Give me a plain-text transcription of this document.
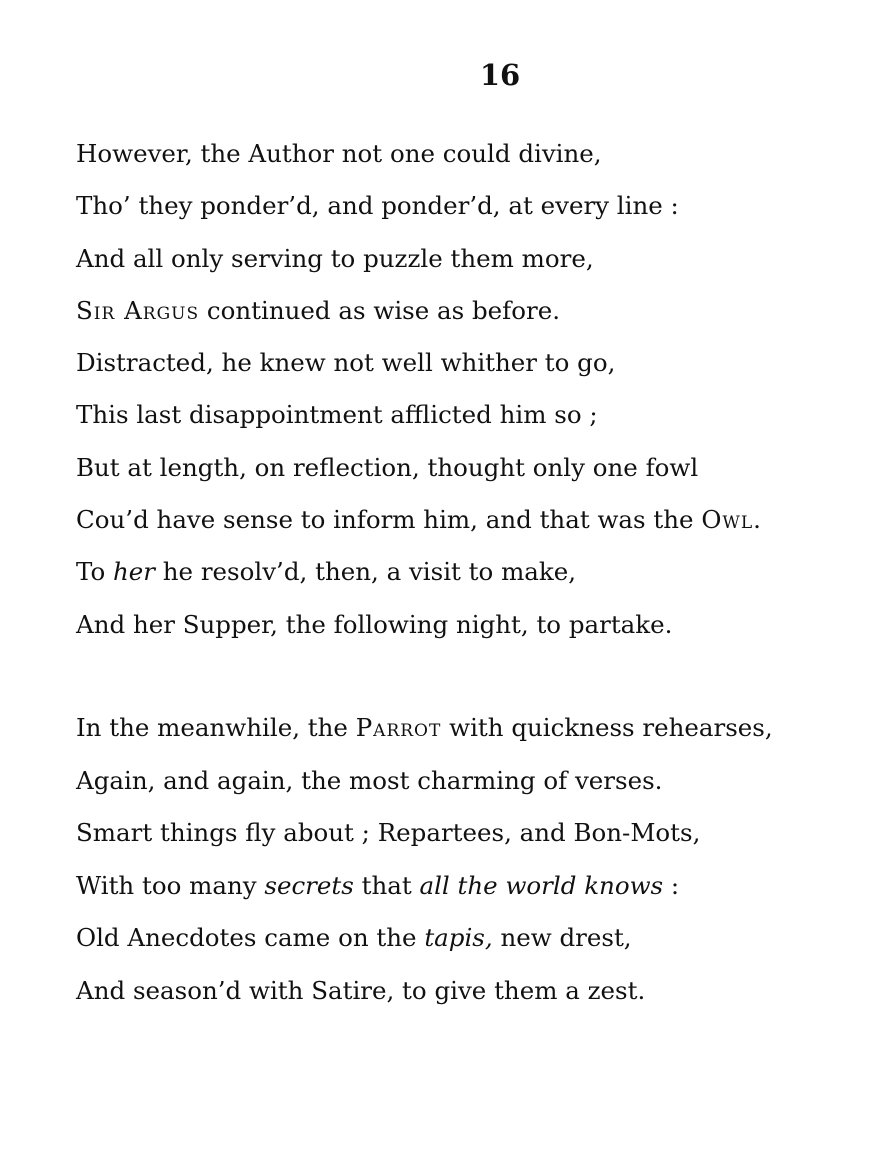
16
However, the Author not one could divine,
Tho’ they ponder’d, and ponder’d, at every line :
And all only serving to puzzle them more,
Sir Argus continued as wise as before.
Distracted, he knew not well whither to go,
This last disappointment afflicted him so ;
But at length, on reflection, thought only one fowl
Cou’d have sense to inform him, and that was the Owl.
To her he resolv’d, then, a visit to make,
And her Supper, the following night, to partake.
In the meanwhile, the Parrot with quickness rehearses,
Again, and again, the most charming of verses.
Smart things fly about ; Repartees, and Bon-Mots,
With too many secrets that all the world knows :
Old Anecdotes came on the tapis, new drest,
And season’d with Satire, to give them a zest.
